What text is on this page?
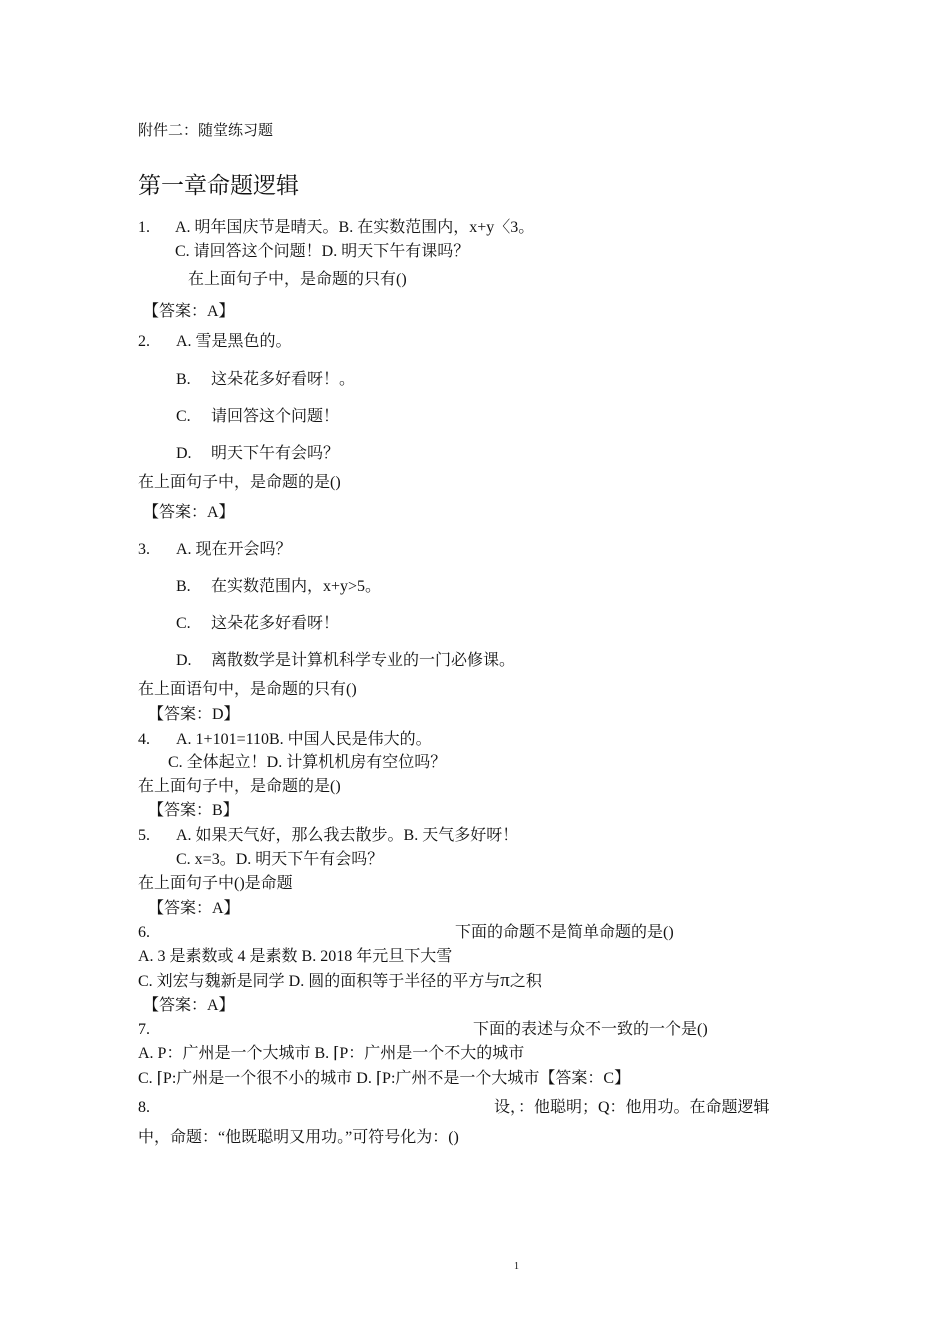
附件二：随堂练习题
第一章命题逻辑
1. A. 明年国庆节是晴天。B. 在实数范围内，x+y〈3。
C. 请回答这个问题！D. 明天下午有课吗？
在上面句子中，是命题的只有()
【答案：A】
2. A. 雪是黑色的。
B. 这朵花多好看呀！。
C. 请回答这个问题！
D. 明天下午有会吗？
在上面句子中，是命题的是()
【答案：A】
3. A. 现在开会吗？
B. 在实数范围内，x+y>5。
C. 这朵花多好看呀！
D. 离散数学是计算机科学专业的一门必修课。
在上面语句中，是命题的只有()
【答案：D】
4. A. 1+101=110B. 中国人民是伟大的。
C. 全体起立！D. 计算机机房有空位吗？
在上面句子中，是命题的是()
【答案：B】
5. A. 如果天气好，那么我去散步。B. 天气多好呀！
C. x=3。D. 明天下午有会吗？
在上面句子中()是命题
【答案：A】
6.	下面的命题不是简单命题的是()
A. 3 是素数或 4 是素数 B. 2018 年元旦下大雪
C. 刘宏与魏新是同学 D. 圆的面积等于半径的平方与π之积
【答案：A】
7.	下面的表述与众不一致的一个是()
A. P：广州是一个大城市 B. ⌈P：广州是一个不大的城市
C. ⌈P:广州是一个很不小的城市 D. ⌈P:广州不是一个大城市【答案：C】
8.	设，：他聪明；Q：他用功。在命题逻辑
中，命题：“他既聪明又用功。”可符号化为：()
1
